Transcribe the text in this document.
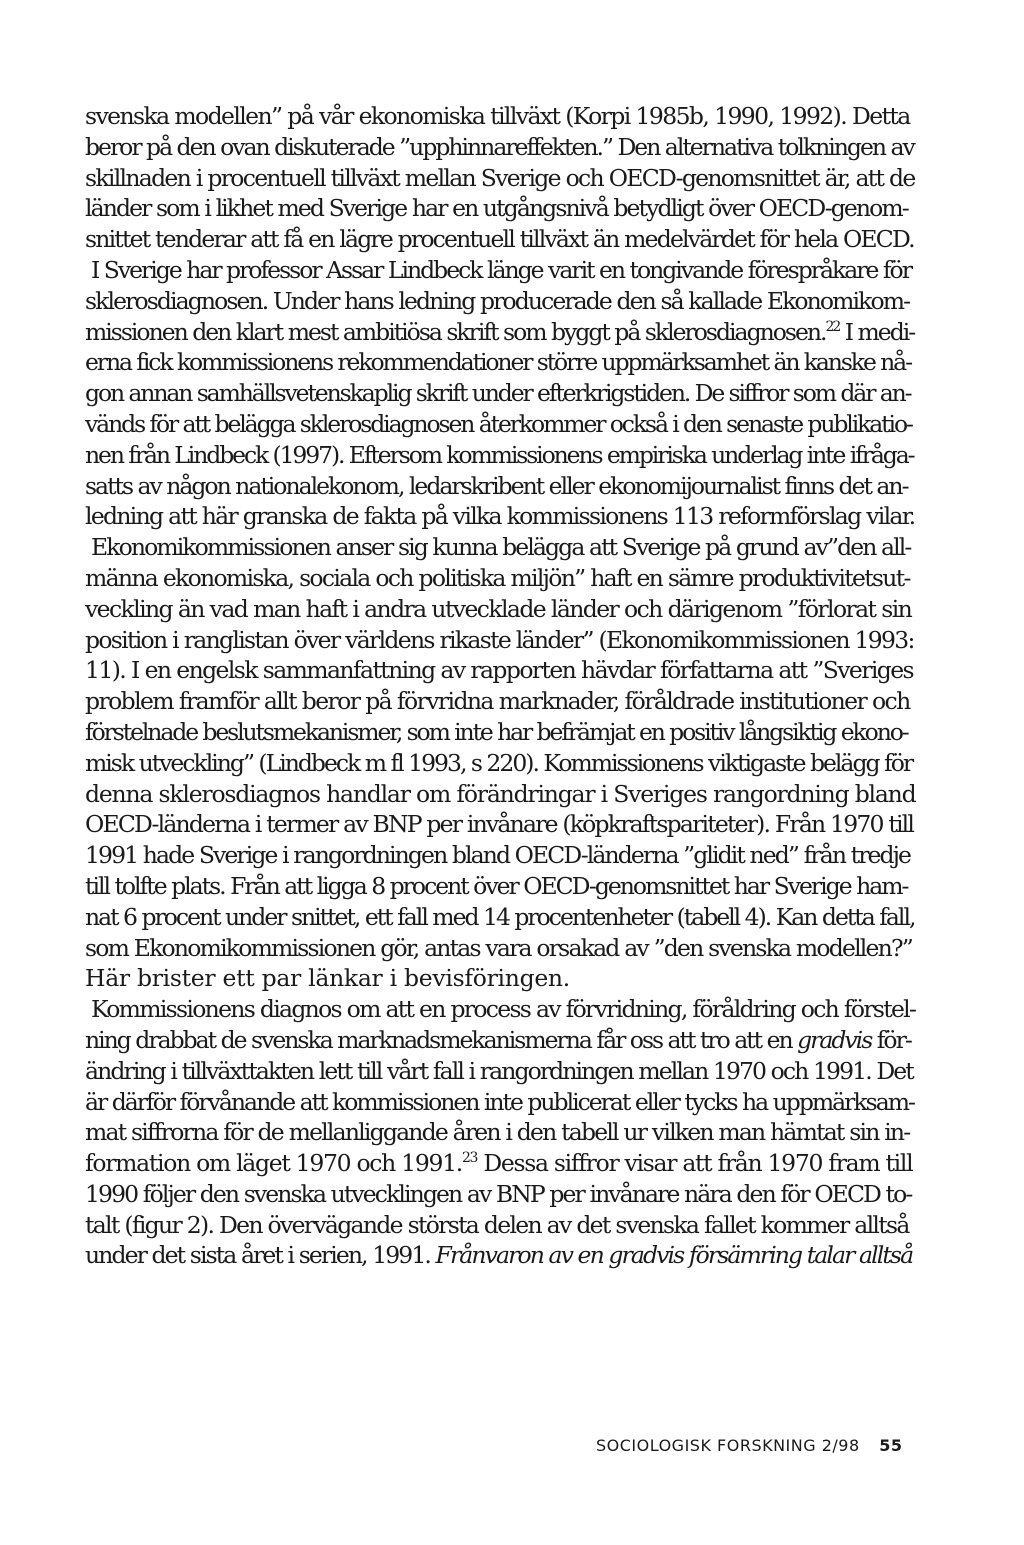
svenska modellen” på vår ekonomiska tillväxt (Korpi 1985b, 1990, 1992). Detta
beror på den ovan diskuterade ”upphinnareffekten.” Den alternativa tolkningen av
skillnaden i procentuell tillväxt mellan Sverige och OECD-genomsnittet är, att de
länder som i likhet med Sverige har en utgångsnivå betydligt över OECD-genom-
snittet tenderar att få en lägre procentuell tillväxt än medelvärdet för hela OECD.
I Sverige har professor Assar Lindbeck länge varit en tongivande förespråkare för
sklerosdiagnosen. Under hans ledning producerade den så kallade Ekonomikom-
missionen den klart mest ambitiösa skrift som byggt på sklerosdiagnosen.$^{22}$ I medi-
erna fick kommissionens rekommendationer större uppmärksamhet än kanske nå-
gon annan samhällsvetenskaplig skrift under efterkrigstiden. De siffror som där an-
vänds för att belägga sklerosdiagnosen återkommer också i den senaste publikatio-
nen från Lindbeck (1997). Eftersom kommissionens empiriska underlag inte ifråga-
satts av någon nationalekonom, ledarskribent eller ekonomijournalist finns det an-
ledning att här granska de fakta på vilka kommissionens 113 reformförslag vilar.
Ekonomikommissionen anser sig kunna belägga att Sverige på grund av”den all-
männa ekonomiska, sociala och politiska miljön” haft en sämre produktivitetsut-
veckling än vad man haft i andra utvecklade länder och därigenom ”förlorat sin
position i ranglistan över världens rikaste länder” (Ekonomikommissionen 1993:
11). I en engelsk sammanfattning av rapporten hävdar författarna att ”Sveriges
problem framför allt beror på förvridna marknader, föråldrade institutioner och
förstelnade beslutsmekanismer, som inte har befrämjat en positiv långsiktig ekono-
misk utveckling” (Lindbeck m fl 1993, s 220). Kommissionens viktigaste belägg för
denna sklerosdiagnos handlar om förändringar i Sveriges rangordning bland
OECD-länderna i termer av BNP per invånare (köpkraftspariteter). Från 1970 till
1991 hade Sverige i rangordningen bland OECD-länderna ”glidit ned” från tredje
till tolfte plats. Från att ligga 8 procent över OECD-genomsnittet har Sverige ham-
nat 6 procent under snittet, ett fall med 14 procentenheter (tabell 4). Kan detta fall,
som Ekonomikommissionen gör, antas vara orsakad av ”den svenska modellen?”
Här brister ett par länkar i bevisföringen.
Kommissionens diagnos om att en process av förvridning, föråldring och förstel-
ning drabbat de svenska marknadsmekanismerna får oss att tro att en gradvis för-
ändring i tillväxttakten lett till vårt fall i rangordningen mellan 1970 och 1991. Det
är därför förvånande att kommissionen inte publicerat eller tycks ha uppmärksam-
mat siffrorna för de mellanliggande åren i den tabell ur vilken man hämtat sin in-
formation om läget 1970 och 1991.23 Dessa siffror visar att från 1970 fram till
1990 följer den svenska utvecklingen av BNP per invånare nära den för OECD to-
talt (figur 2). Den övervägande största delen av det svenska fallet kommer alltså
under det sista året i serien, 1991. Frånvaron av en gradvis försämring talar alltså
SOCIOLOGISK FORSKNING 2/98 55
